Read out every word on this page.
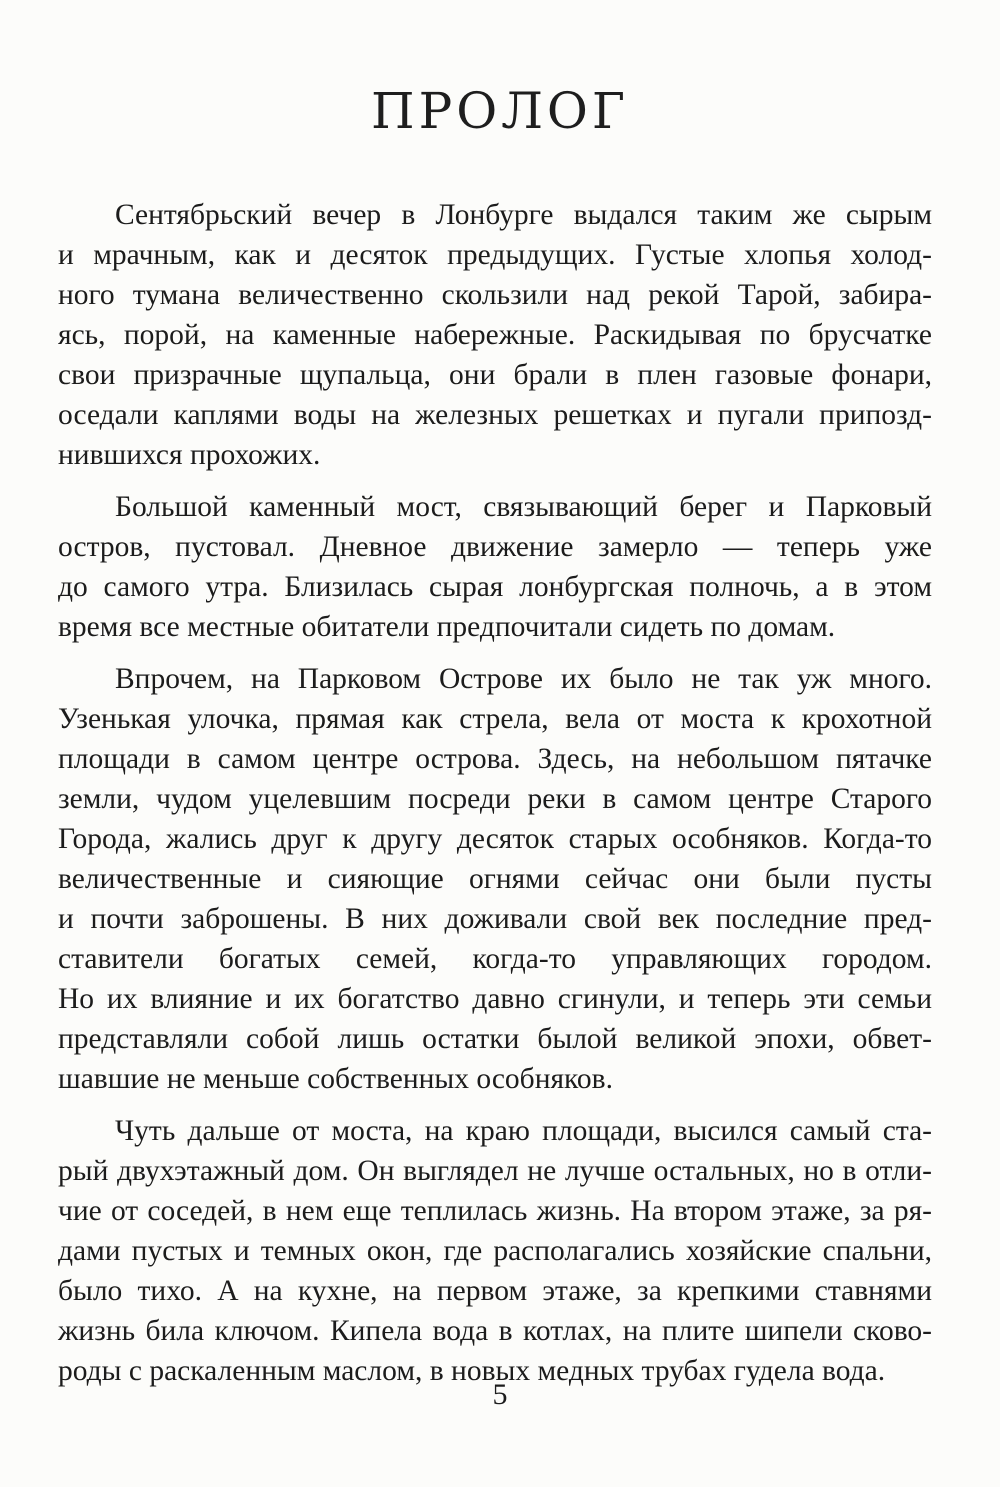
ПРОЛОГ
Сентябрьский вечер в Лонбурге выдался таким же сырым
и мрачным, как и десяток предыдущих. Густые хлопья холод-
ного тумана величественно скользили над рекой Тарой, забира-
ясь, порой, на каменные набережные. Раскидывая по брусчатке
свои призрачные щупальца, они брали в плен газовые фонари,
оседали каплями воды на железных решетках и пугали припозд-
нившихся прохожих.
Большой каменный мост, связывающий берег и Парковый
остров, пустовал. Дневное движение замерло — теперь уже
до самого утра. Близилась сырая лонбургская полночь, а в этом
время все местные обитатели предпочитали сидеть по домам.
Впрочем, на Парковом Острове их было не так уж много.
Узенькая улочка, прямая как стрела, вела от моста к крохотной
площади в самом центре острова. Здесь, на небольшом пятачке
земли, чудом уцелевшим посреди реки в самом центре Старого
Города, жались друг к другу десяток старых особняков. Когда-то
величественные и сияющие огнями сейчас они были пусты
и почти заброшены. В них доживали свой век последние пред-
ставители богатых семей, когда-то управляющих городом.
Но их влияние и их богатство давно сгинули, и теперь эти семьи
представляли собой лишь остатки былой великой эпохи, обвет-
шавшие не меньше собственных особняков.
Чуть дальше от моста, на краю площади, высился самый ста-
рый двухэтажный дом. Он выглядел не лучше остальных, но в отли-
чие от соседей, в нем еще теплилась жизнь. На втором этаже, за ря-
дами пустых и темных окон, где располагались хозяйские спальни,
было тихо. А на кухне, на первом этаже, за крепкими ставнями
жизнь била ключом. Кипела вода в котлах, на плите шипели сково-
роды с раскаленным маслом, в новых медных трубах гудела вода.
5
